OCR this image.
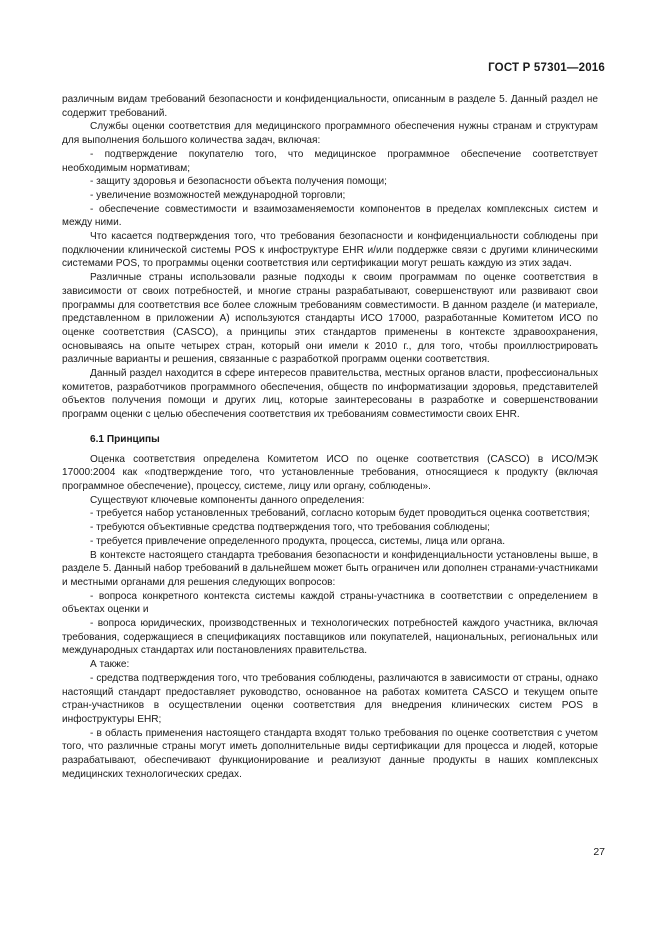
ГОСТ Р 57301—2016

различным видам требований безопасности и конфиденциальности, описанным в разделе 5. Данный раздел не содержит требований.

Службы оценки соответствия для медицинского программного обеспечения нужны странам и структурам для выполнения большого количества задач, включая:

- подтверждение покупателю того, что медицинское программное обеспечение соответствует необходимым нормативам;

- защиту здоровья и безопасности объекта получения помощи;

- увеличение возможностей международной торговли;

- обеспечение совместимости и взаимозаменяемости компонентов в пределах комплексных систем и между ними.

Что касается подтверждения того, что требования безопасности и конфиденциальности соблюдены при подключении клинической системы POS к инфоструктуре EHR и/или поддержке связи с другими клиническими системами POS, то программы оценки соответствия или сертификации могут решать каждую из этих задач.

Различные страны использовали разные подходы к своим программам по оценке соответствия в зависимости от своих потребностей, и многие страны разрабатывают, совершенствуют или развивают свои программы для соответствия все более сложным требованиям совместимости. В данном разделе (и материале, представленном в приложении А) используются стандарты ИСО 17000, разработанные Комитетом ИСО по оценке соответствия (CASCO), а принципы этих стандартов применены в контексте здравоохранения, основываясь на опыте четырех стран, который они имели к 2010 г., для того, чтобы проиллюстрировать различные варианты и решения, связанные с разработкой программ оценки соответствия.

Данный раздел находится в сфере интересов правительства, местных органов власти, профессиональных комитетов, разработчиков программного обеспечения, обществ по информатизации здоровья, представителей объектов получения помощи и других лиц, которые заинтересованы в разработке и совершенствовании программ оценки с целью обеспечения соответствия их требованиям совместимости своих EHR.

6.1 Принципы

Оценка соответствия определена Комитетом ИСО по оценке соответствия (CASCO) в ИСО/МЭК 17000:2004 как «подтверждение того, что установленные требования, относящиеся к продукту (включая программное обеспечение), процессу, системе, лицу или органу, соблюдены».

Существуют ключевые компоненты данного определения:

- требуется набор установленных требований, согласно которым будет проводиться оценка соответствия;

- требуются объективные средства подтверждения того, что требования соблюдены;

- требуется привлечение определенного продукта, процесса, системы, лица или органа.

В контексте настоящего стандарта требования безопасности и конфиденциальности установлены выше, в разделе 5. Данный набор требований в дальнейшем может быть ограничен или дополнен странами-участниками и местными органами для решения следующих вопросов:

- вопроса конкретного контекста системы каждой страны-участника в соответствии с определением в объектах оценки и

- вопроса юридических, производственных и технологических потребностей каждого участника, включая требования, содержащиеся в спецификациях поставщиков или покупателей, национальных, региональных или международных стандартах или постановлениях правительства.

А также:

- средства подтверждения того, что требования соблюдены, различаются в зависимости от страны, однако настоящий стандарт предоставляет руководство, основанное на работах комитета CASCO и текущем опыте стран-участников в осуществлении оценки соответствия для внедрения клинических систем POS в инфоструктуры EHR;

- в область применения настоящего стандарта входят только требования по оценке соответствия с учетом того, что различные страны могут иметь дополнительные виды сертификации для процесса и людей, которые разрабатывают, обеспечивают функционирование и реализуют данные продукты в наших комплексных медицинских технологических средах.

27
